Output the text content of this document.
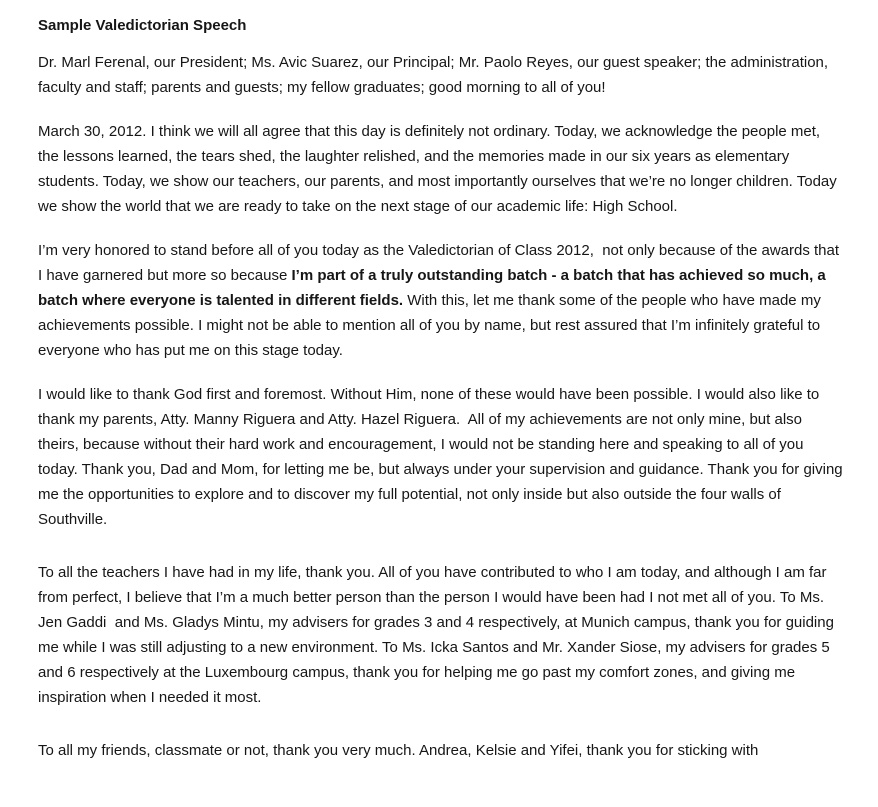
Sample Valedictorian Speech

Dr. Marl Ferenal, our President; Ms. Avic Suarez, our Principal; Mr. Paolo Reyes, our guest speaker; the administration, faculty and staff; parents and guests; my fellow graduates; good morning to all of you!

March 30, 2012. I think we will all agree that this day is definitely not ordinary. Today, we acknowledge the people met, the lessons learned, the tears shed, the laughter relished, and the memories made in our six years as elementary students. Today, we show our teachers, our parents, and most importantly ourselves that we’re no longer children. Today we show the world that we are ready to take on the next stage of our academic life: High School.

I’m very honored to stand before all of you today as the Valedictorian of Class 2012,  not only because of the awards that I have garnered but more so because I’m part of a truly outstanding batch - a batch that has achieved so much, a batch where everyone is talented in different fields. With this, let me thank some of the people who have made my achievements possible. I might not be able to mention all of you by name, but rest assured that I’m infinitely grateful to everyone who has put me on this stage today.

I would like to thank God first and foremost. Without Him, none of these would have been possible. I would also like to thank my parents, Atty. Manny Riguera and Atty. Hazel Riguera.  All of my achievements are not only mine, but also theirs, because without their hard work and encouragement, I would not be standing here and speaking to all of you today. Thank you, Dad and Mom, for letting me be, but always under your supervision and guidance. Thank you for giving me the opportunities to explore and to discover my full potential, not only inside but also outside the four walls of Southville.

To all the teachers I have had in my life, thank you. All of you have contributed to who I am today, and although I am far from perfect, I believe that I’m a much better person than the person I would have been had I not met all of you. To Ms. Jen Gaddi  and Ms. Gladys Mintu, my advisers for grades 3 and 4 respectively, at Munich campus, thank you for guiding me while I was still adjusting to a new environment. To Ms. Icka Santos and Mr. Xander Siose, my advisers for grades 5 and 6 respectively at the Luxembourg campus, thank you for helping me go past my comfort zones, and giving me inspiration when I needed it most.

To all my friends, classmate or not, thank you very much. Andrea, Kelsie and Yifei, thank you for sticking with
